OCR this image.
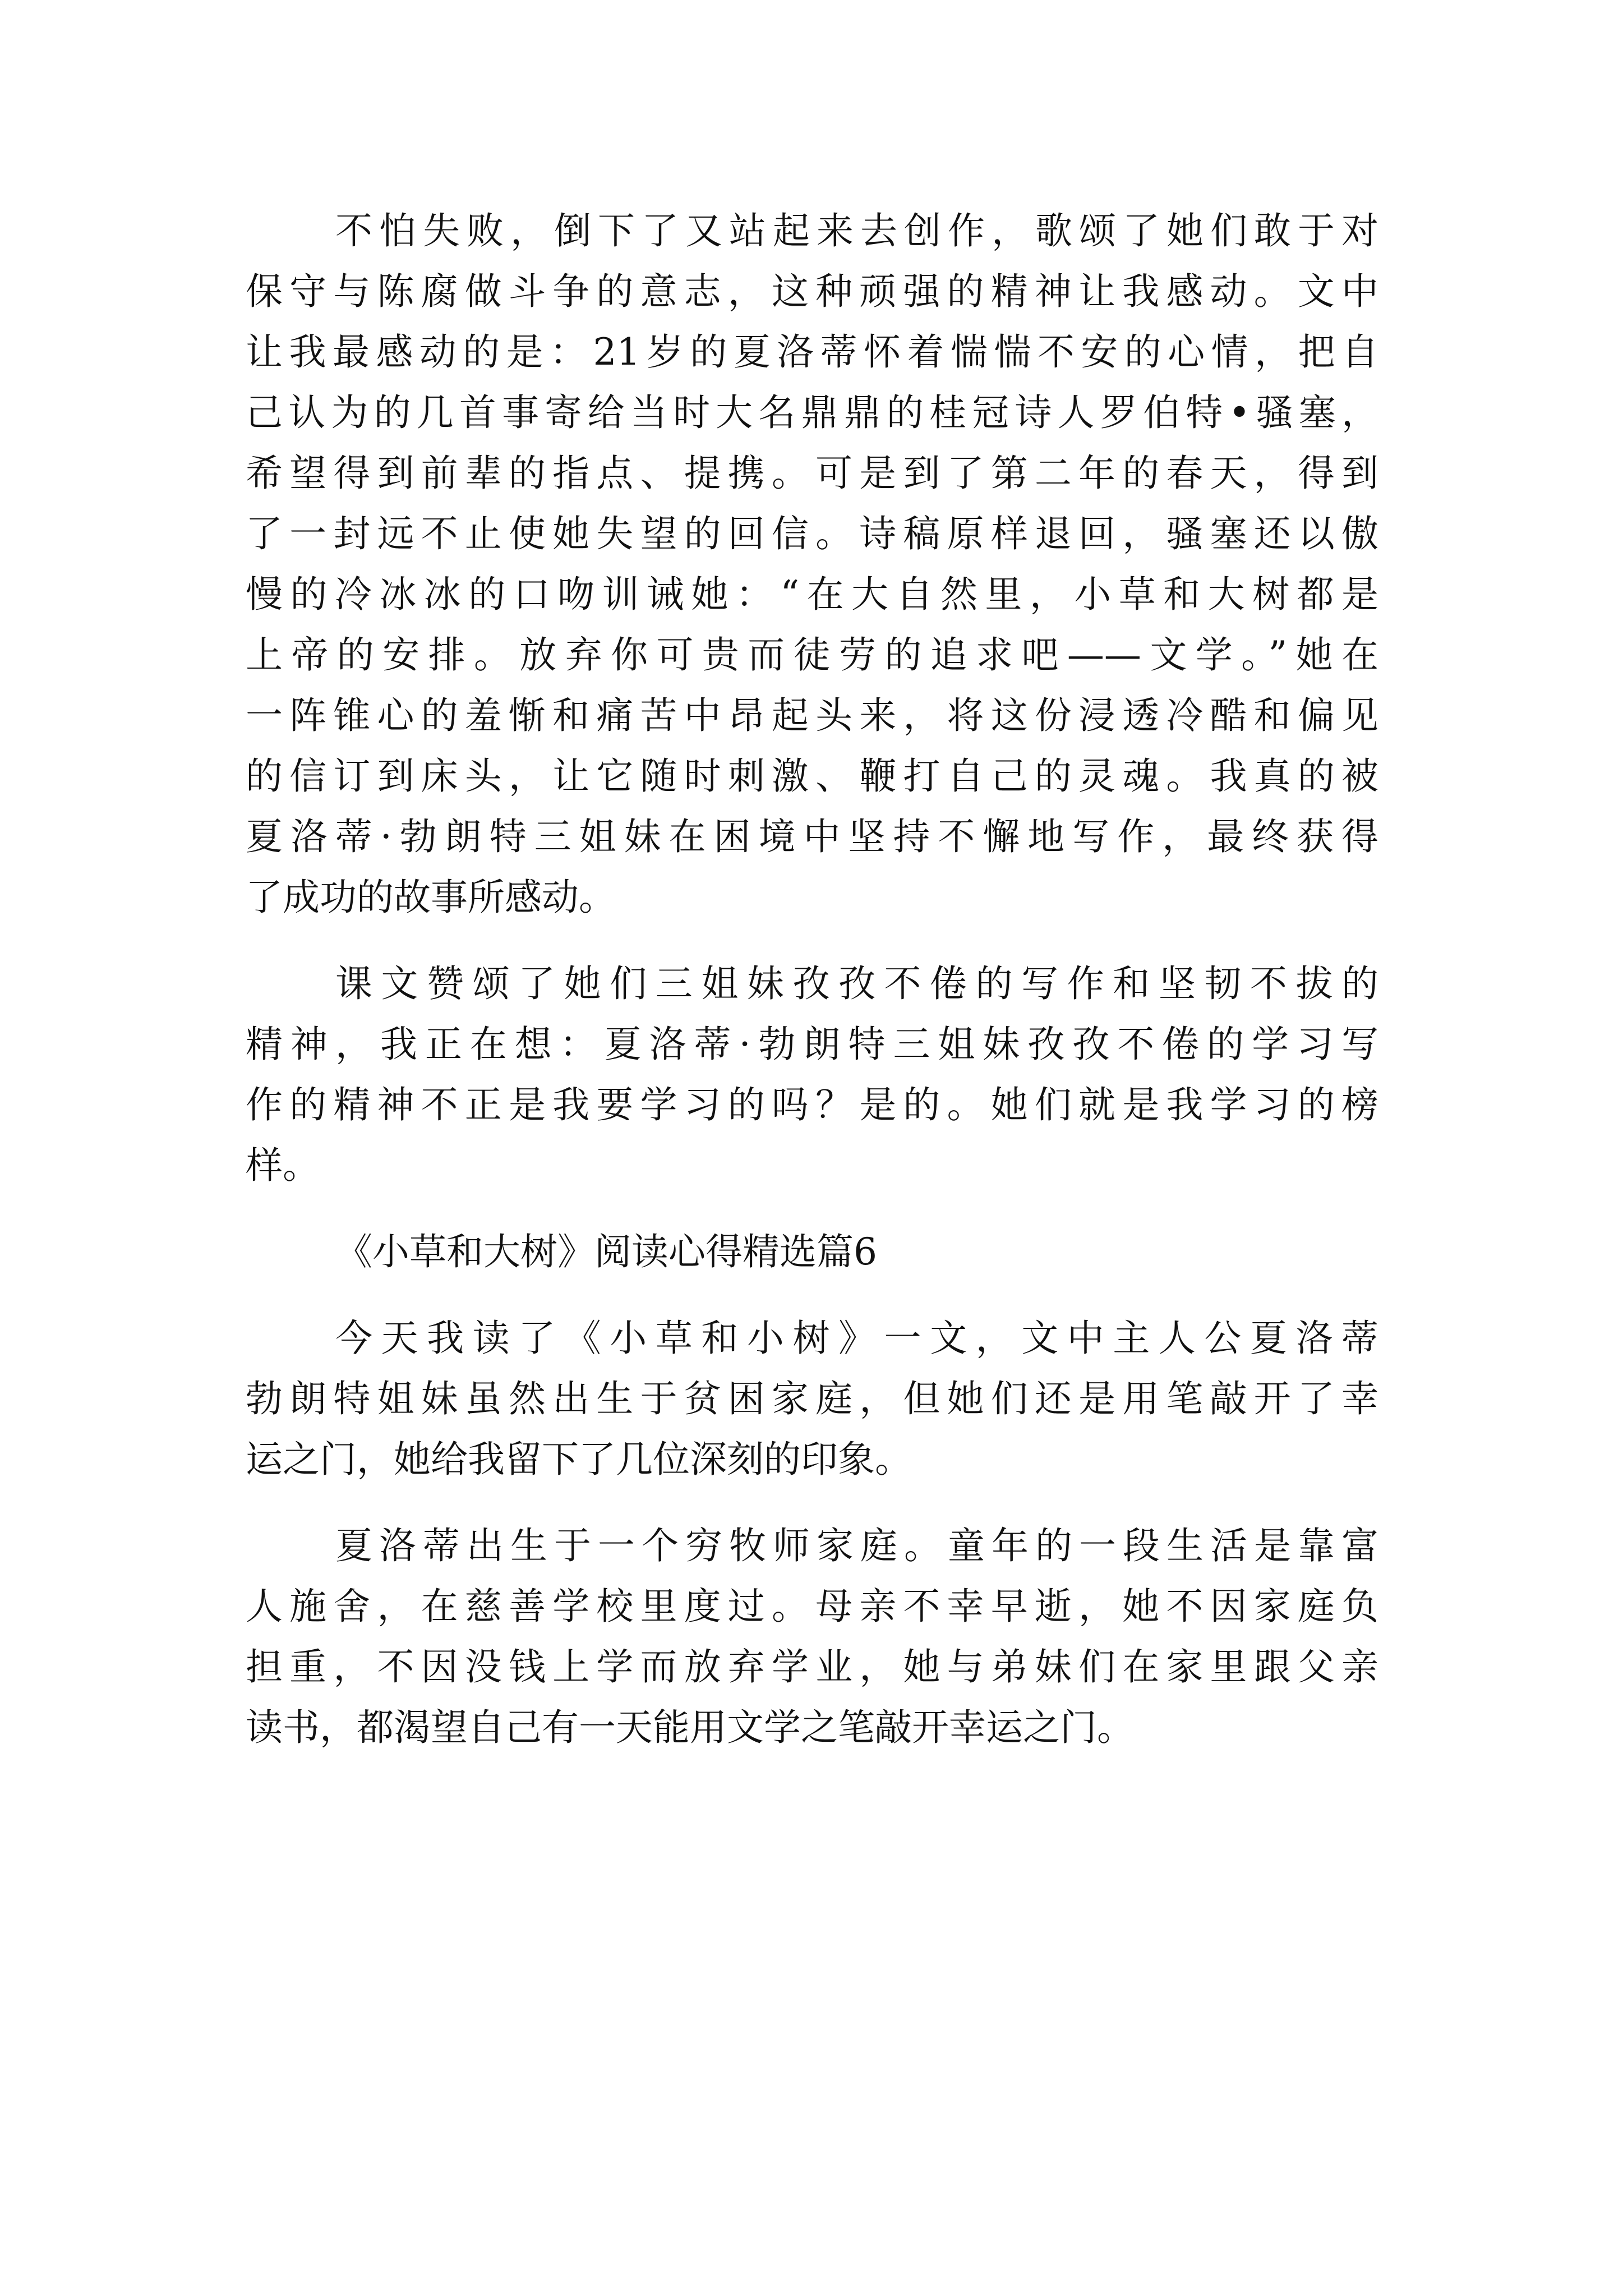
不怕失败，倒下了又站起来去创作，歌颂了她们敢于对
保守与陈腐做斗争的意志，这种顽强的精神让我感动。文中
让我最感动的是：21岁的夏洛蒂怀着惴惴不安的心情，把自
己认为的几首事寄给当时大名鼎鼎的桂冠诗人罗伯特•骚塞，
希望得到前辈的指点、提携。可是到了第二年的春天，得到
了一封远不止使她失望的回信。诗稿原样退回，骚塞还以傲
慢的冷冰冰的口吻训诫她：“在大自然里，小草和大树都是
上帝的安排。放弃你可贵而徒劳的追求吧——文学。”她在
一阵锥心的羞惭和痛苦中昂起头来，将这份浸透冷酷和偏见
的信订到床头，让它随时刺激、鞭打自己的灵魂。我真的被
夏洛蒂·勃朗特三姐妹在困境中坚持不懈地写作，最终获得
了成功的故事所感动。
课文赞颂了她们三姐妹孜孜不倦的写作和坚韧不拔的
精神，我正在想：夏洛蒂·勃朗特三姐妹孜孜不倦的学习写
作的精神不正是我要学习的吗？是的。她们就是我学习的榜
样。
《小草和大树》阅读心得精选篇6
今天我读了《小草和小树》一文，文中主人公夏洛蒂
勃朗特姐妹虽然出生于贫困家庭，但她们还是用笔敲开了幸
运之门，她给我留下了几位深刻的印象。
夏洛蒂出生于一个穷牧师家庭。童年的一段生活是靠富
人施舍，在慈善学校里度过。母亲不幸早逝，她不因家庭负
担重，不因没钱上学而放弃学业，她与弟妹们在家里跟父亲
读书，都渴望自己有一天能用文学之笔敲开幸运之门。
